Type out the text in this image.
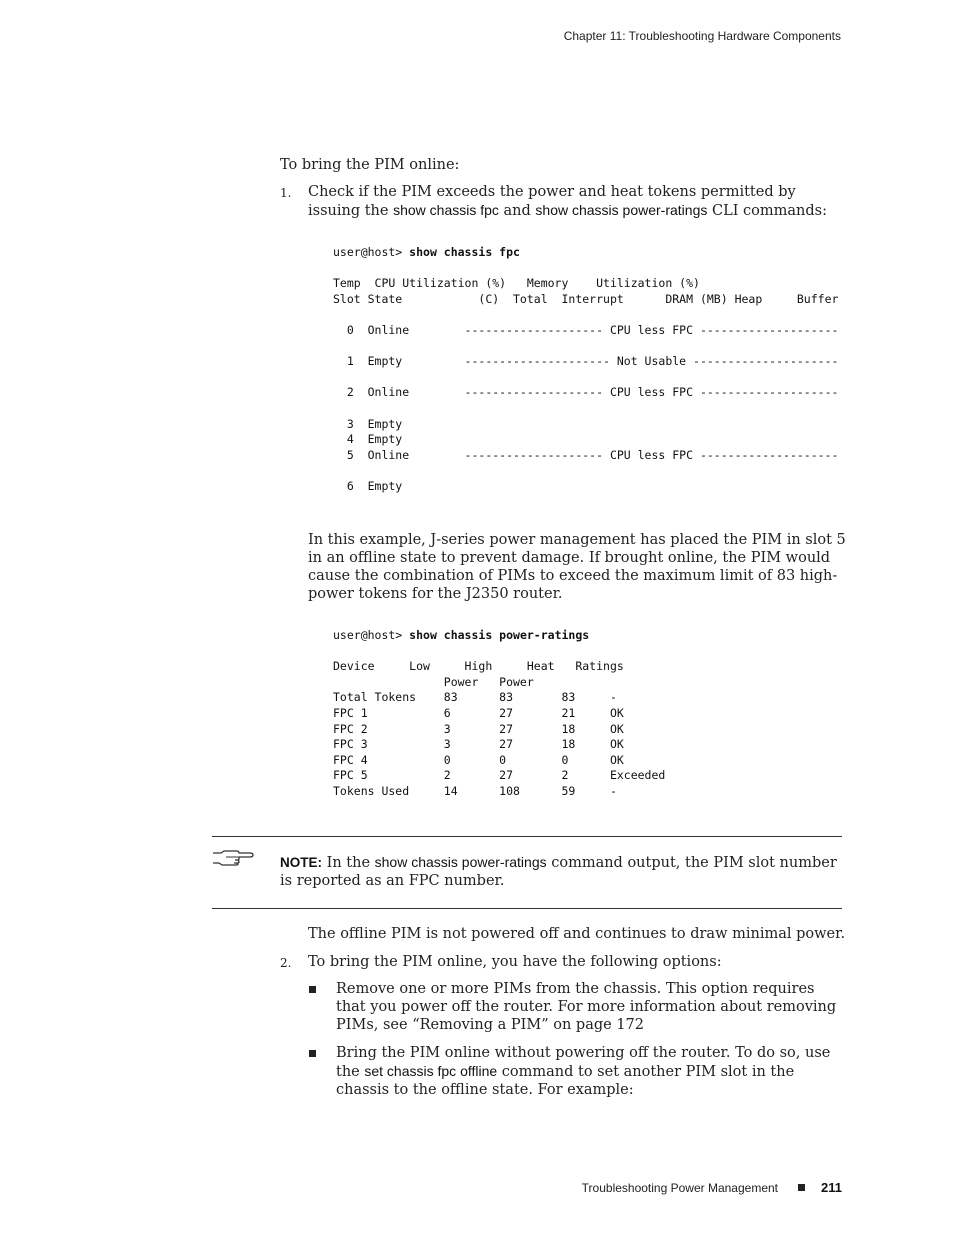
Chapter 11: Troubleshooting Hardware Components
To bring the PIM online:
1. Check if the PIM exceeds the power and heat tokens permitted by issuing the show chassis fpc and show chassis power-ratings CLI commands:
user@host> show chassis fpc

Temp  CPU Utilization (%)   Memory    Utilization (%)
Slot State           (C)  Total  Interrupt      DRAM (MB) Heap     Buffer

0  Online        -------------------- CPU less FPC --------------------

1  Empty         --------------------- Not Usable ---------------------

2  Online        -------------------- CPU less FPC --------------------

3  Empty
4  Empty
5  Online        -------------------- CPU less FPC --------------------

6  Empty
In this example, J-series power management has placed the PIM in slot 5 in an offline state to prevent damage. If brought online, the PIM would cause the combination of PIMs to exceed the maximum limit of 83 high-power tokens for the J2350 router.
user@host> show chassis power-ratings

Device     Low     High     Heat   Ratings
Power   Power
Total Tokens    83      83       83     -
FPC 1           6       27       21     OK
FPC 2           3       27       18     OK
FPC 3           3       27       18     OK
FPC 4           0       0        0      OK
FPC 5           2       27       2      Exceeded
Tokens Used     14      108      59     -
NOTE: In the show chassis power-ratings command output, the PIM slot number is reported as an FPC number.
The offline PIM is not powered off and continues to draw minimal power.
2. To bring the PIM online, you have the following options:
Remove one or more PIMs from the chassis. This option requires that you power off the router. For more information about removing PIMs, see “Removing a PIM” on page 172
Bring the PIM online without powering off the router. To do so, use the set chassis fpc offline command to set another PIM slot in the chassis to the offline state. For example:
Troubleshooting Power Management	211
